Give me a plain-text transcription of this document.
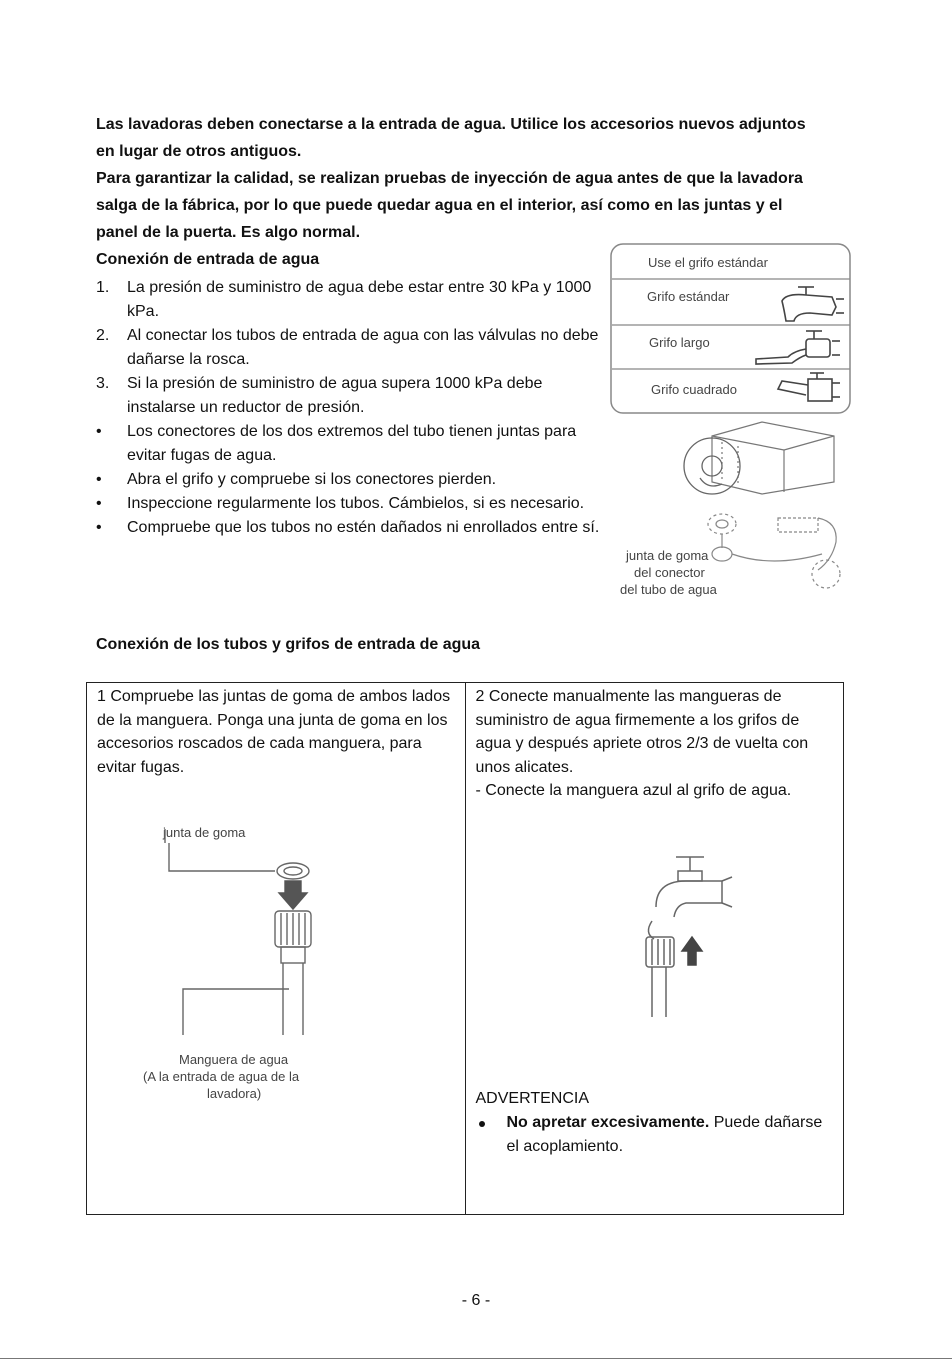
Las lavadoras deben conectarse a la entrada de agua. Utilice los accesorios nuevos adjuntos

en lugar de otros antiguos.

Para garantizar la calidad, se realizan pruebas de inyección de agua antes de que la lavadora

salga de la fábrica, por lo que puede quedar agua en el interior, así como en las juntas y el

panel de la puerta. Es algo normal.

Conexión de entrada de agua
1. La presión de suministro de agua debe estar entre 30 kPa y 1000 kPa.
2. Al conectar los tubos de entrada de agua con las válvulas no debe dañarse la rosca.
3. Si la presión de suministro de agua supera 1000 kPa debe instalarse un reductor de presión.
• Los conectores de los dos extremos del tubo tienen juntas para evitar fugas de agua.
• Abra el grifo y compruebe si los conectores pierden.
• Inspeccione regularmente los tubos. Cámbielos, si es necesario.
• Compruebe que los tubos no estén dañados ni enrollados entre sí.
Use el grifo estándar
Grifo estándar
Grifo largo
Grifo cuadrado
junta de goma
del conector
del tubo de agua
Conexión de los tubos y grifos de entrada de agua

1 Compruebe las juntas de goma de ambos lados de la manguera. Ponga una junta de goma en los accesorios roscados de cada manguera, para evitar fugas.

junta de goma
Manguera de agua
(A la entrada de agua de la
lavadora)

2 Conecte manualmente las mangueras de suministro de agua firmemente a los grifos de agua y después apriete otros 2/3 de vuelta con unos alicates.

- Conecte la manguera azul al grifo de agua.

ADVERTENCIA

No apretar excesivamente. Puede dañarse el acoplamiento.
- 6 -
